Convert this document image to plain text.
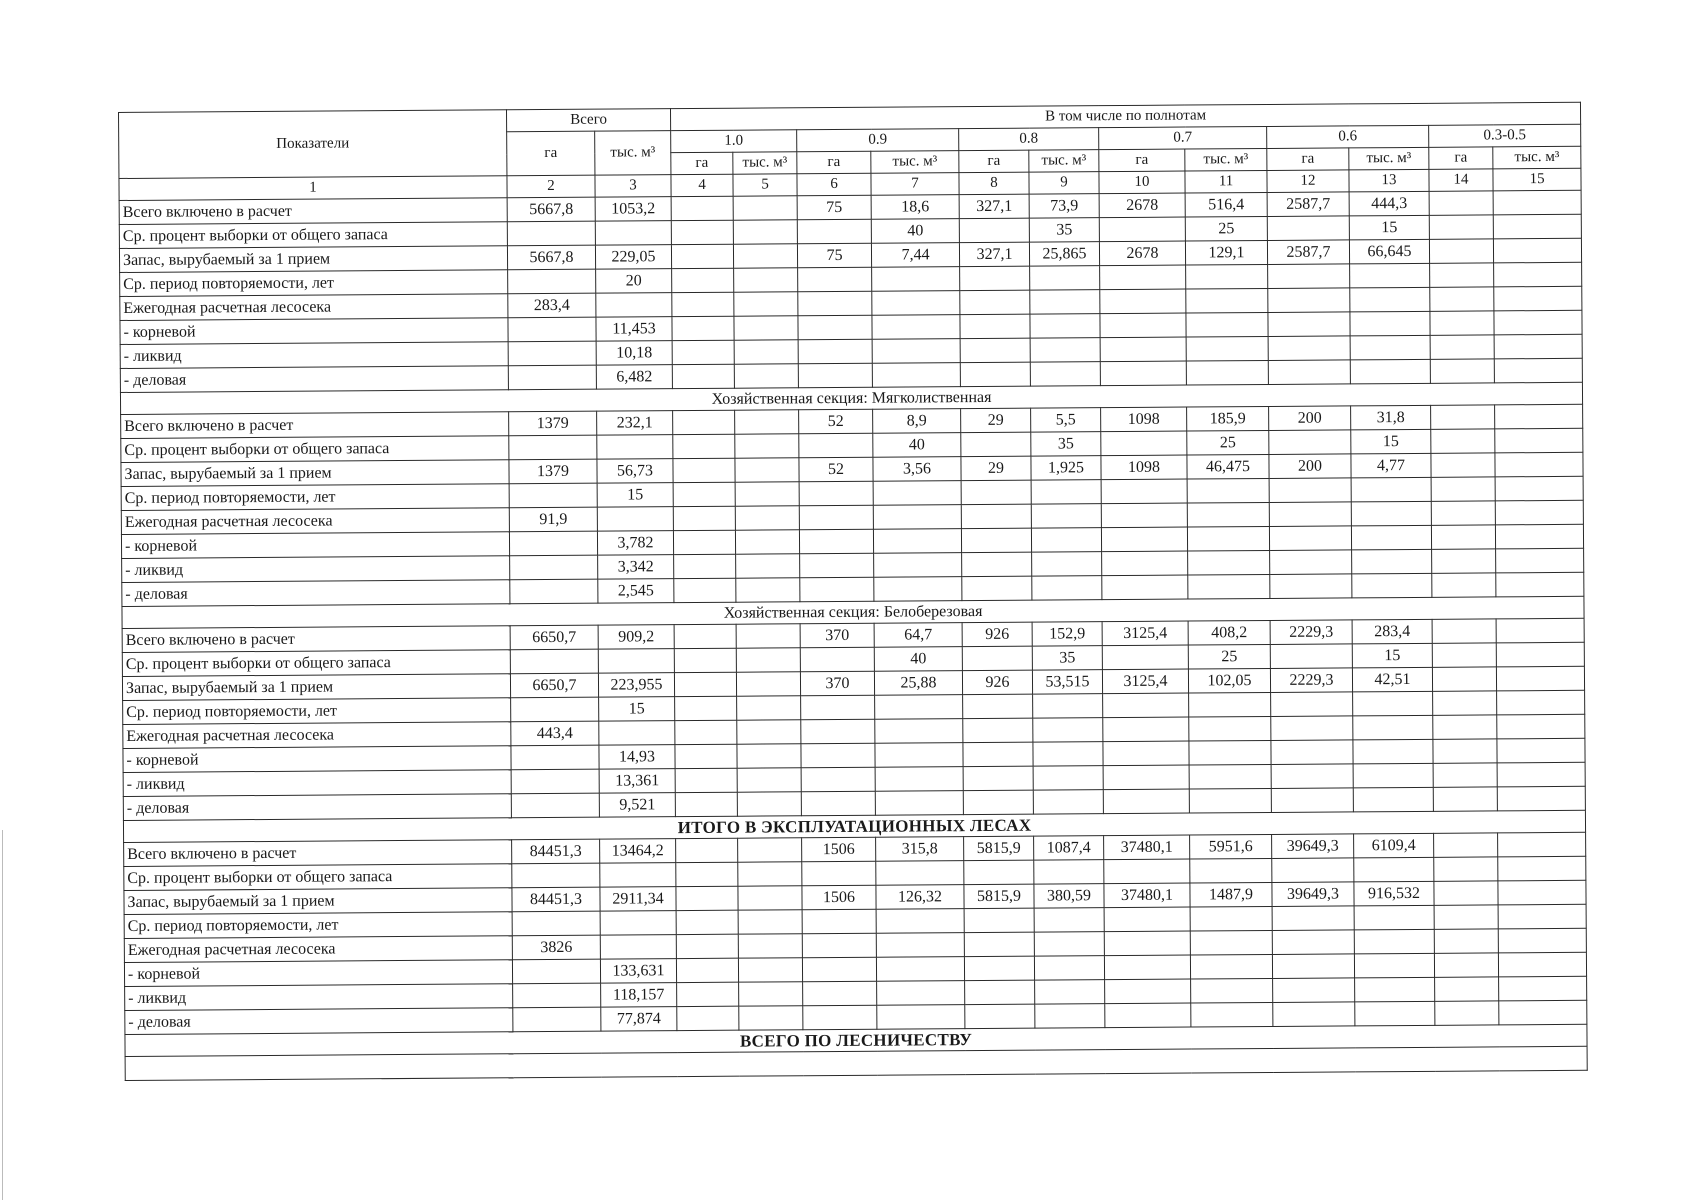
Показатели	Всего		В том числе по полнотам											
	га	тыс. м³	1.0		0.9		0.8		0.7		0.6		0.3-0.5	
			га	тыс. м³	га	тыс. м³	га	тыс. м³	га	тыс. м³	га	тыс. м³	га	тыс. м³
1	2	3	4	5	6	7	8	9	10	11	12	13	14	15
Всего включено в расчет	5667,8	1053,2			75	18,6	327,1	73,9	2678	516,4	2587,7	444,3		
Ср. процент выборки от общего запаса						40		35		25		15		
Запас, вырубаемый за 1 прием	5667,8	229,05			75	7,44	327,1	25,865	2678	129,1	2587,7	66,645		
Ср. период повторяемости, лет		20												
Ежегодная расчетная лесосека	283,4													
- корневой		11,453												
- ликвид		10,18												
- деловая		6,482												
Хозяйственная секция: Мягколиственная														
Всего включено в расчет	1379	232,1			52	8,9	29	5,5	1098	185,9	200	31,8		
Ср. процент выборки от общего запаса						40		35		25		15		
Запас, вырубаемый за 1 прием	1379	56,73			52	3,56	29	1,925	1098	46,475	200	4,77		
Ср. период повторяемости, лет		15												
Ежегодная расчетная лесосека	91,9													
- корневой		3,782												
- ликвид		3,342												
- деловая		2,545												
Хозяйственная секция: Белоберезовая														
Всего включено в расчет	6650,7	909,2			370	64,7	926	152,9	3125,4	408,2	2229,3	283,4		
Ср. процент выборки от общего запаса						40		35		25		15		
Запас, вырубаемый за 1 прием	6650,7	223,955			370	25,88	926	53,515	3125,4	102,05	2229,3	42,51		
Ср. период повторяемости, лет		15												
Ежегодная расчетная лесосека	443,4													
- корневой		14,93												
- ликвид		13,361												
- деловая		9,521												
ИТОГО В ЭКСПЛУАТАЦИОННЫХ ЛЕСАХ														
Всего включено в расчет	84451,3	13464,2			1506	315,8	5815,9	1087,4	37480,1	5951,6	39649,3	6109,4		
Ср. процент выборки от общего запаса														
Запас, вырубаемый за 1 прием	84451,3	2911,34			1506	126,32	5815,9	380,59	37480,1	1487,9	39649,3	916,532		
Ср. период повторяемости, лет														
Ежегодная расчетная лесосека	3826													
- корневой		133,631												
- ликвид		118,157												
- деловая		77,874												
ВСЕГО ПО ЛЕСНИЧЕСТВУ														
